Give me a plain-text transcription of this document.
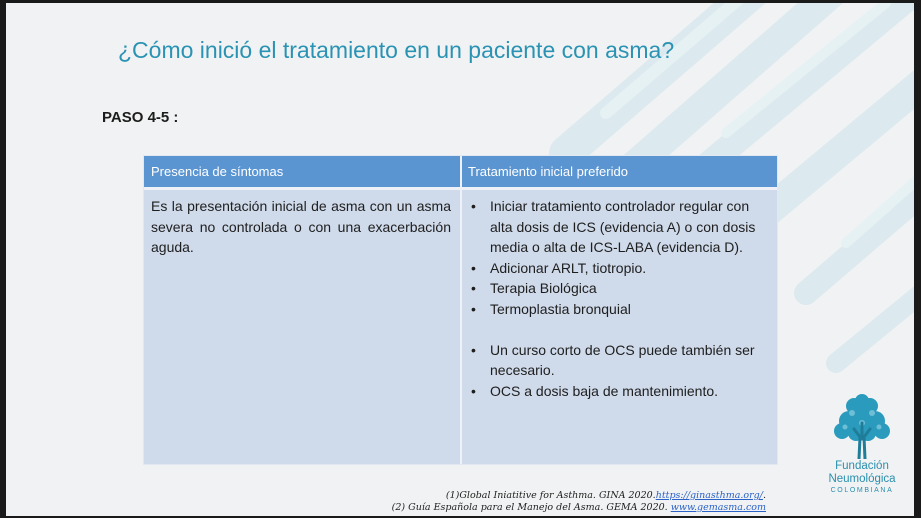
¿Cómo inició el tratamiento en un paciente con asma?
PASO 4-5 :
Presencia de síntomas	Tratamiento inicial preferido
Es la presentación inicial de asma con un asma severa no controlada o con una exacerbación aguda.
• Iniciar tratamiento controlador regular con alta dosis de ICS (evidencia A) o con dosis media o alta de ICS-LABA (evidencia D).
• Adicionar ARLT, tiotropio.
• Terapia Biológica
• Termoplastia bronquial
• Un curso corto de OCS puede también ser necesario.
• OCS a dosis baja de mantenimiento.
(1)Global Iniatitive for Asthma. GINA 2020.https://ginasthma.org/.
(2) Guía Española para el Manejo del Asma. GEMA 2020. www.gemasma.com
Fundación
Neumológica
COLOMBIANA
